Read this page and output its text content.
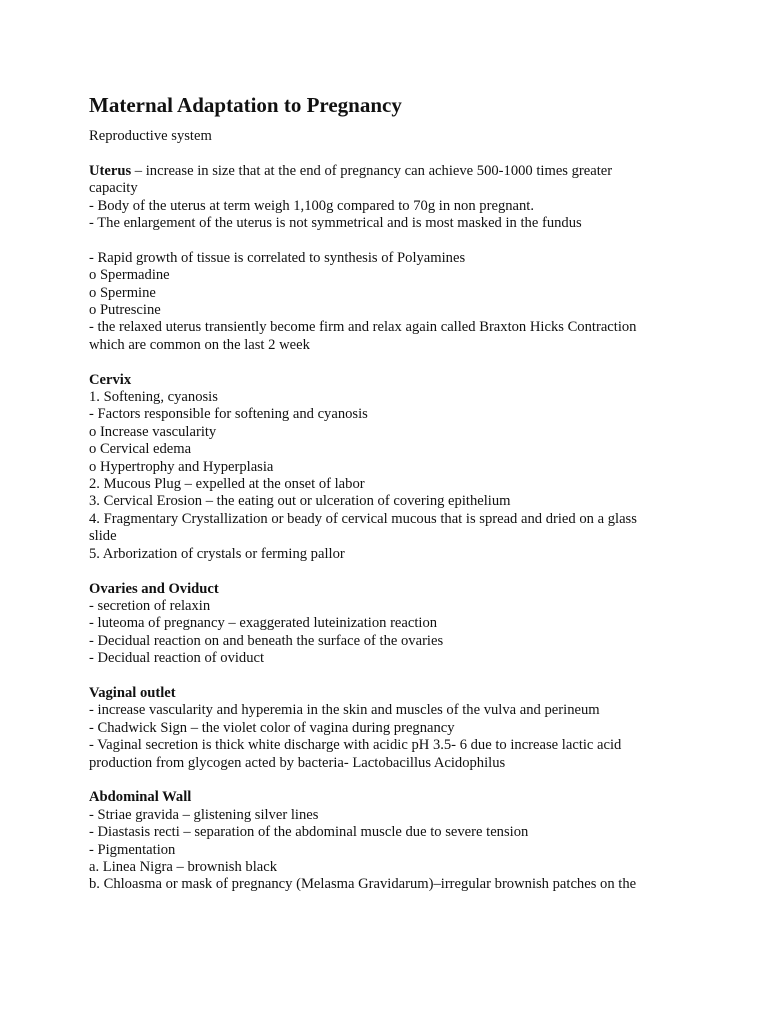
Maternal Adaptation to Pregnancy

Reproductive system

Uterus – increase in size that at the end of pregnancy can achieve 500-1000 times greater

capacity

- Body of the uterus at term weigh 1,100g compared to 70g in non pregnant.

- The enlargement of the uterus is not symmetrical and is most masked in the fundus

- Rapid growth of tissue is correlated to synthesis of Polyamines

o Spermadine

o Spermine

o Putrescine

- the relaxed uterus transiently become firm and relax again called Braxton Hicks Contraction

which are common on the last 2 week

Cervix

1. Softening, cyanosis

- Factors responsible for softening and cyanosis

o Increase vascularity

o Cervical edema

o Hypertrophy and Hyperplasia

2. Mucous Plug – expelled at the onset of labor

3. Cervical Erosion – the eating out or ulceration of covering epithelium

4. Fragmentary Crystallization or beady of cervical mucous that is spread and dried on a glass

slide

5. Arborization of crystals or ferming pallor

Ovaries and Oviduct

- secretion of relaxin

- luteoma of pregnancy – exaggerated luteinization reaction

- Decidual reaction on and beneath the surface of the ovaries

- Decidual reaction of oviduct

Vaginal outlet

- increase vascularity and hyperemia in the skin and muscles of the vulva and perineum

- Chadwick Sign – the violet color of vagina during pregnancy

- Vaginal secretion is thick white discharge with acidic pH 3.5- 6 due to increase lactic acid

production from glycogen acted by bacteria- Lactobacillus Acidophilus

Abdominal Wall

- Striae gravida – glistening silver lines

- Diastasis recti – separation of the abdominal muscle due to severe tension

- Pigmentation

a. Linea Nigra – brownish black

b. Chloasma or mask of pregnancy (Melasma Gravidarum)–irregular brownish patches on the
